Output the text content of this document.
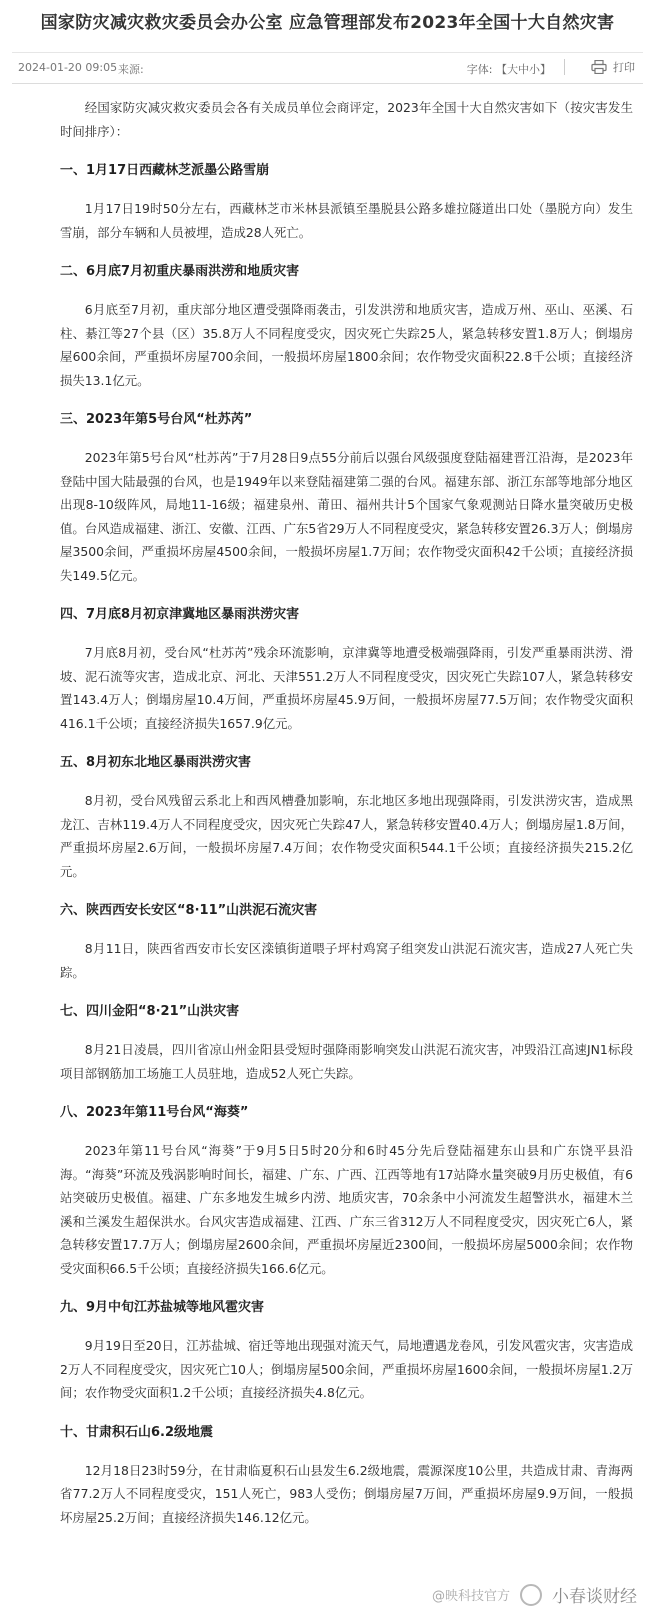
国家防灾减灾救灾委员会办公室 应急管理部发布2023年全国十大自然灾害
2024-01-20 09:05 来源:	字体: 【大中小】	打印

经国家防灾减灾救灾委员会各有关成员单位会商评定，2023年全国十大自然灾害如下（按灾害发生时间排序）：

一、1月17日西藏林芝派墨公路雪崩

1月17日19时50分左右，西藏林芝市米林县派镇至墨脱县公路多雄拉隧道出口处（墨脱方向）发生雪崩，部分车辆和人员被埋，造成28人死亡。

二、6月底7月初重庆暴雨洪涝和地质灾害

6月底至7月初，重庆部分地区遭受强降雨袭击，引发洪涝和地质灾害，造成万州、巫山、巫溪、石柱、綦江等27个县（区）35.8万人不同程度受灾，因灾死亡失踪25人，紧急转移安置1.8万人；倒塌房屋600余间，严重损坏房屋700余间，一般损坏房屋1800余间；农作物受灾面积22.8千公顷；直接经济损失13.1亿元。

三、2023年第5号台风“杜苏芮”

2023年第5号台风“杜苏芮”于7月28日9点55分前后以强台风级强度登陆福建晋江沿海，是2023年登陆中国大陆最强的台风，也是1949年以来登陆福建第二强的台风。福建东部、浙江东部等地部分地区出现8-10级阵风，局地11-16级；福建泉州、莆田、福州共计5个国家气象观测站日降水量突破历史极值。台风造成福建、浙江、安徽、江西、广东5省29万人不同程度受灾，紧急转移安置26.3万人；倒塌房屋3500余间，严重损坏房屋4500余间，一般损坏房屋1.7万间；农作物受灾面积42千公顷；直接经济损失149.5亿元。

四、7月底8月初京津冀地区暴雨洪涝灾害

7月底8月初，受台风“杜苏芮”残余环流影响，京津冀等地遭受极端强降雨，引发严重暴雨洪涝、滑坡、泥石流等灾害，造成北京、河北、天津551.2万人不同程度受灾，因灾死亡失踪107人，紧急转移安置143.4万人；倒塌房屋10.4万间，严重损坏房屋45.9万间，一般损坏房屋77.5万间；农作物受灾面积416.1千公顷；直接经济损失1657.9亿元。

五、8月初东北地区暴雨洪涝灾害

8月初，受台风残留云系北上和西风槽叠加影响，东北地区多地出现强降雨，引发洪涝灾害，造成黑龙江、吉林119.4万人不同程度受灾，因灾死亡失踪47人，紧急转移安置40.4万人；倒塌房屋1.8万间，严重损坏房屋2.6万间，一般损坏房屋7.4万间；农作物受灾面积544.1千公顷；直接经济损失215.2亿元。

六、陕西西安长安区“8·11”山洪泥石流灾害

8月11日，陕西省西安市长安区滦镇街道喂子坪村鸡窝子组突发山洪泥石流灾害，造成27人死亡失踪。

七、四川金阳“8·21”山洪灾害

8月21日凌晨，四川省凉山州金阳县受短时强降雨影响突发山洪泥石流灾害，冲毁沿江高速JN1标段项目部钢筋加工场施工人员驻地，造成52人死亡失踪。

八、2023年第11号台风“海葵”

2023年第11号台风“海葵”于9月5日5时20分和6时45分先后登陆福建东山县和广东饶平县沿海。“海葵”环流及残涡影响时间长，福建、广东、广西、江西等地有17站降水量突破9月历史极值，有6站突破历史极值。福建、广东多地发生城乡内涝、地质灾害，70余条中小河流发生超警洪水，福建木兰溪和兰溪发生超保洪水。台风灾害造成福建、江西、广东三省312万人不同程度受灾，因灾死亡6人，紧急转移安置17.7万人；倒塌房屋2600余间，严重损坏房屋近2300间，一般损坏房屋5000余间；农作物受灾面积66.5千公顷；直接经济损失166.6亿元。

九、9月中旬江苏盐城等地风雹灾害

9月19日至20日，江苏盐城、宿迁等地出现强对流天气，局地遭遇龙卷风，引发风雹灾害，灾害造成2万人不同程度受灾，因灾死亡10人；倒塌房屋500余间，严重损坏房屋1600余间，一般损坏房屋1.2万间；农作物受灾面积1.2千公顷；直接经济损失4.8亿元。

十、甘肃积石山6.2级地震

12月18日23时59分，在甘肃临夏积石山县发生6.2级地震，震源深度10公里，共造成甘肃、青海两省77.2万人不同程度受灾，151人死亡，983人受伤；倒塌房屋7万间，严重损坏房屋9.9万间，一般损坏房屋25.2万间；直接经济损失146.12亿元。

@映科技官方 小春谈财经
